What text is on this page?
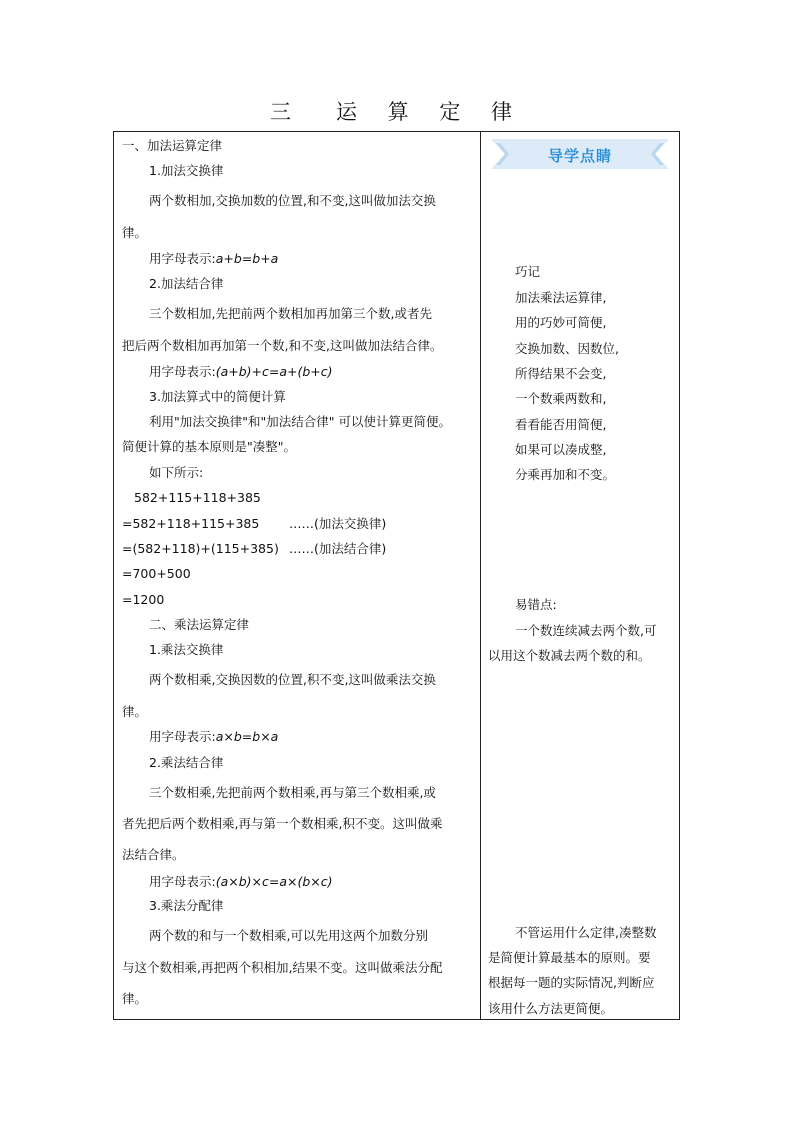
三　运 算 定 律
一、加法运算定律
1.加法交换律
两个数相加,交换加数的位置,和不变,这叫做加法交换
律。
用字母表示:a+b=b+a
2.加法结合律
三个数相加,先把前两个数相加再加第三个数,或者先
把后两个数相加再加第一个数,和不变,这叫做加法结合律。
用字母表示:(a+b)+c=a+(b+c)
3.加法算式中的简便计算
利用"加法交换律"和"加法结合律" 可以使计算更简便。
简便计算的基本原则是"凑整"。
如下所示:
582+115+118+385
=582+118+115+385 ……(加法交换律)
=(582+118)+(115+385) ……(加法结合律)
=700+500
=1200
二、乘法运算定律
1.乘法交换律
两个数相乘,交换因数的位置,积不变,这叫做乘法交换
律。
用字母表示:a×b=b×a
2.乘法结合律
三个数相乘,先把前两个数相乘,再与第三个数相乘,或
者先把后两个数相乘,再与第一个数相乘,积不变。这叫做乘
法结合律。
用字母表示:(a×b)×c=a×(b×c)
3.乘法分配律
两个数的和与一个数相乘,可以先用这两个加数分别
与这个数相乘,再把两个积相加,结果不变。这叫做乘法分配
律。
导学点睛
巧记
加法乘法运算律,
用的巧妙可简便,
交换加数、因数位,
所得结果不会变,
一个数乘两数和,
看看能否用简便,
如果可以凑成整,
分乘再加和不变。
易错点:
一个数连续减去两个数,可
以用这个数减去两个数的和。
不管运用什么定律,凑整数
是简便计算最基本的原则。要
根据每一题的实际情况,判断应
该用什么方法更简便。
